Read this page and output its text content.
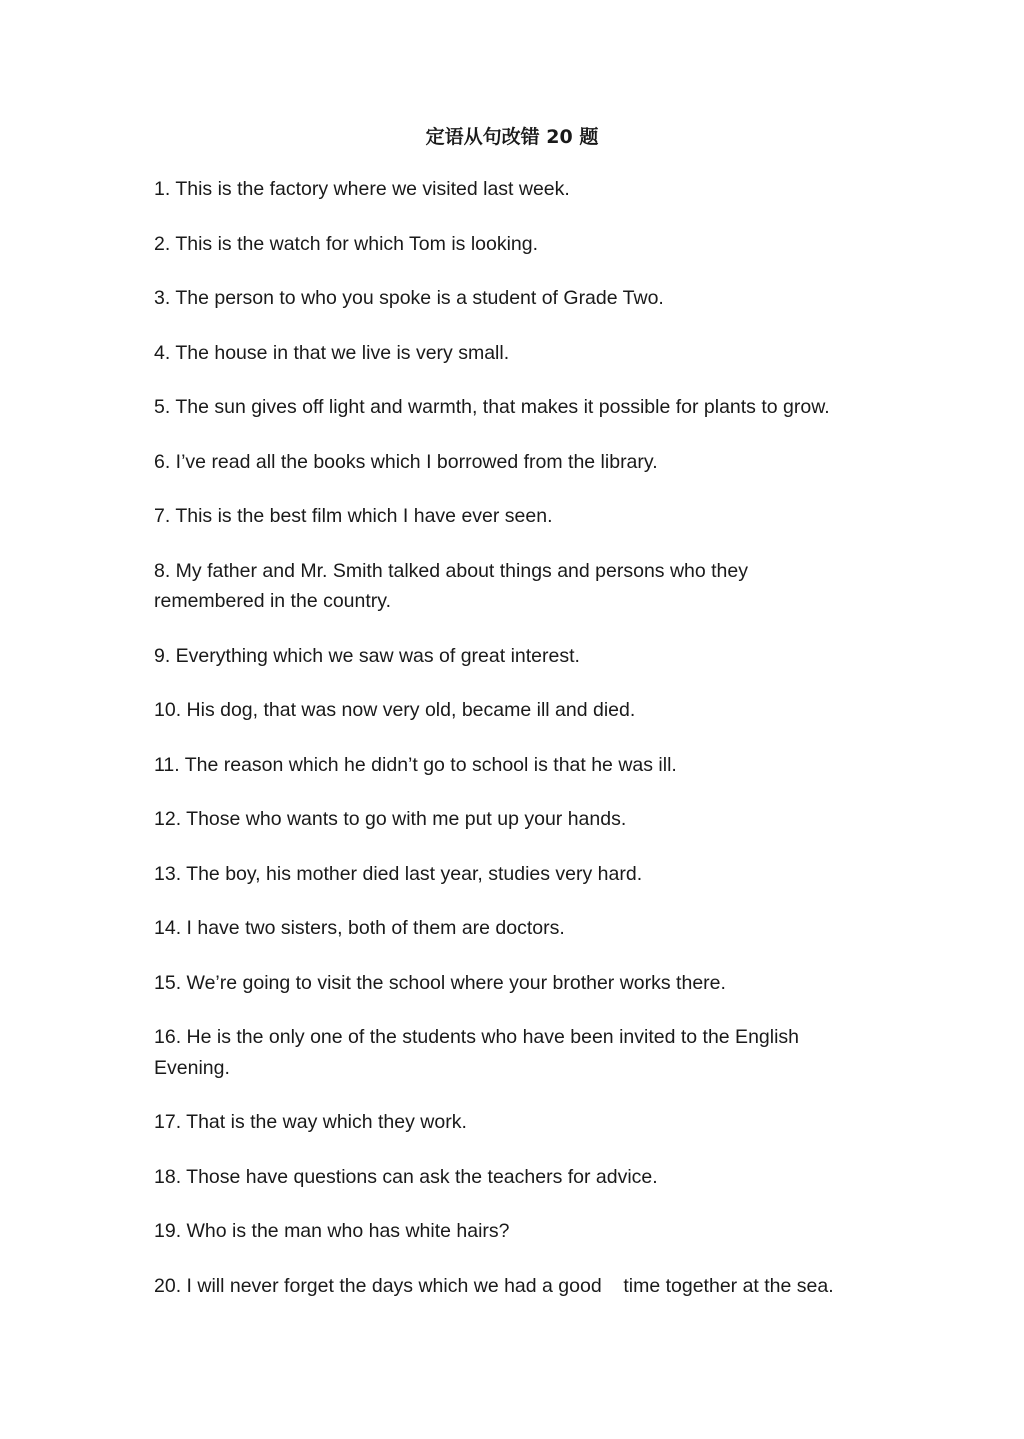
定语从句改错 20 题
1. This is the factory where we visited last week.
2. This is the watch for which Tom is looking.
3. The person to who you spoke is a student of Grade Two.
4. The house in that we live is very small.
5. The sun gives off light and warmth, that makes it possible for plants to grow.
6. I’ve read all the books which I borrowed from the library.
7. This is the best film which I have ever seen.
8. My father and Mr. Smith talked about things and persons who they remembered in the country.
9. Everything which we saw was of great interest.
10. His dog, that was now very old, became ill and died.
11. The reason which he didn’t go to school is that he was ill.
12. Those who wants to go with me put up your hands.
13. The boy, his mother died last year, studies very hard.
14. I have two sisters, both of them are doctors.
15. We’re going to visit the school where your brother works there.
16. He is the only one of the students who have been invited to the English Evening.
17. That is the way which they work.
18. Those have questions can ask the teachers for advice.
19. Who is the man who has white hairs?
20. I will never forget the days which we had a good    time together at the sea.
